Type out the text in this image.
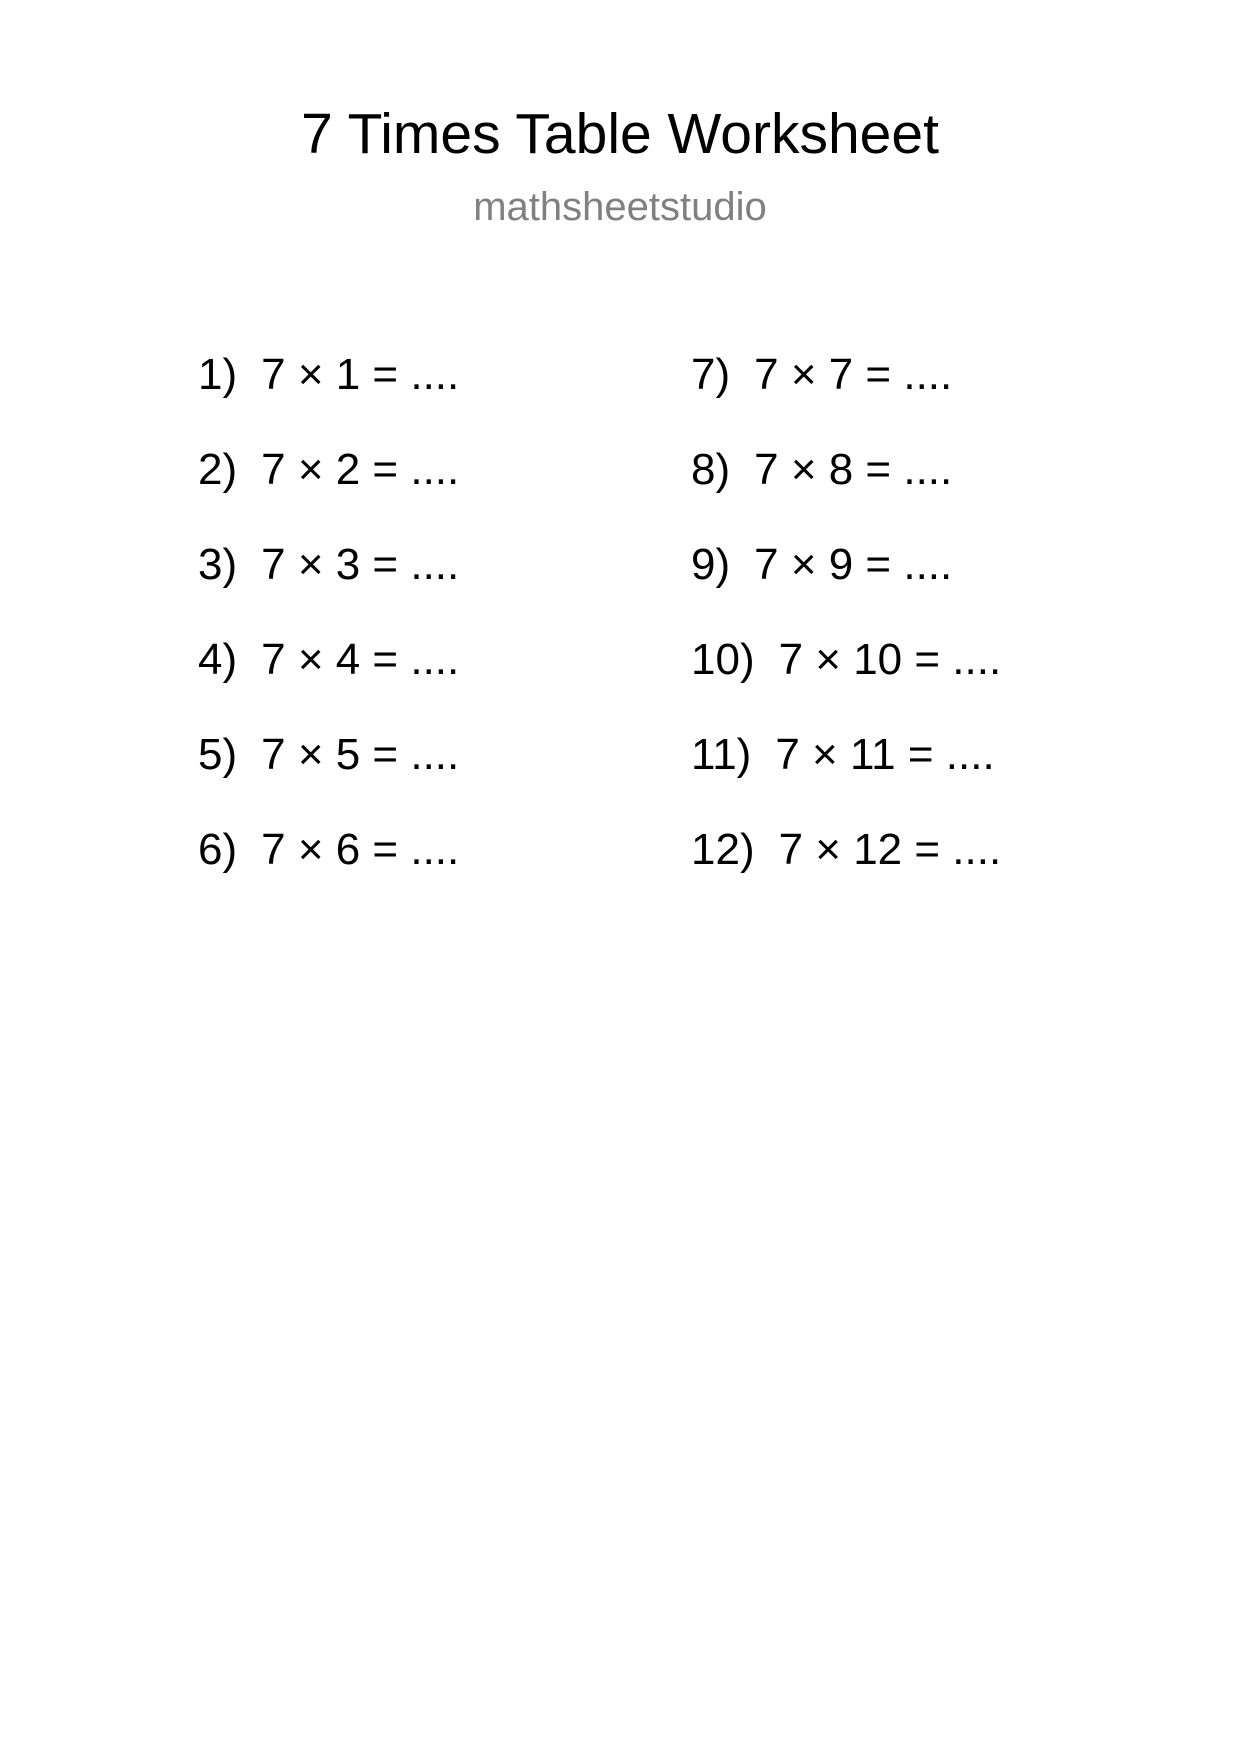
7 Times Table Worksheet
mathsheetstudio
1) 7 × 1 = ....
2) 7 × 2 = ....
3) 7 × 3 = ....
4) 7 × 4 = ....
5) 7 × 5 = ....
6) 7 × 6 = ....
7) 7 × 7 = ....
8) 7 × 8 = ....
9) 7 × 9 = ....
10) 7 × 10 = ....
11) 7 × 11 = ....
12) 7 × 12 = ....
